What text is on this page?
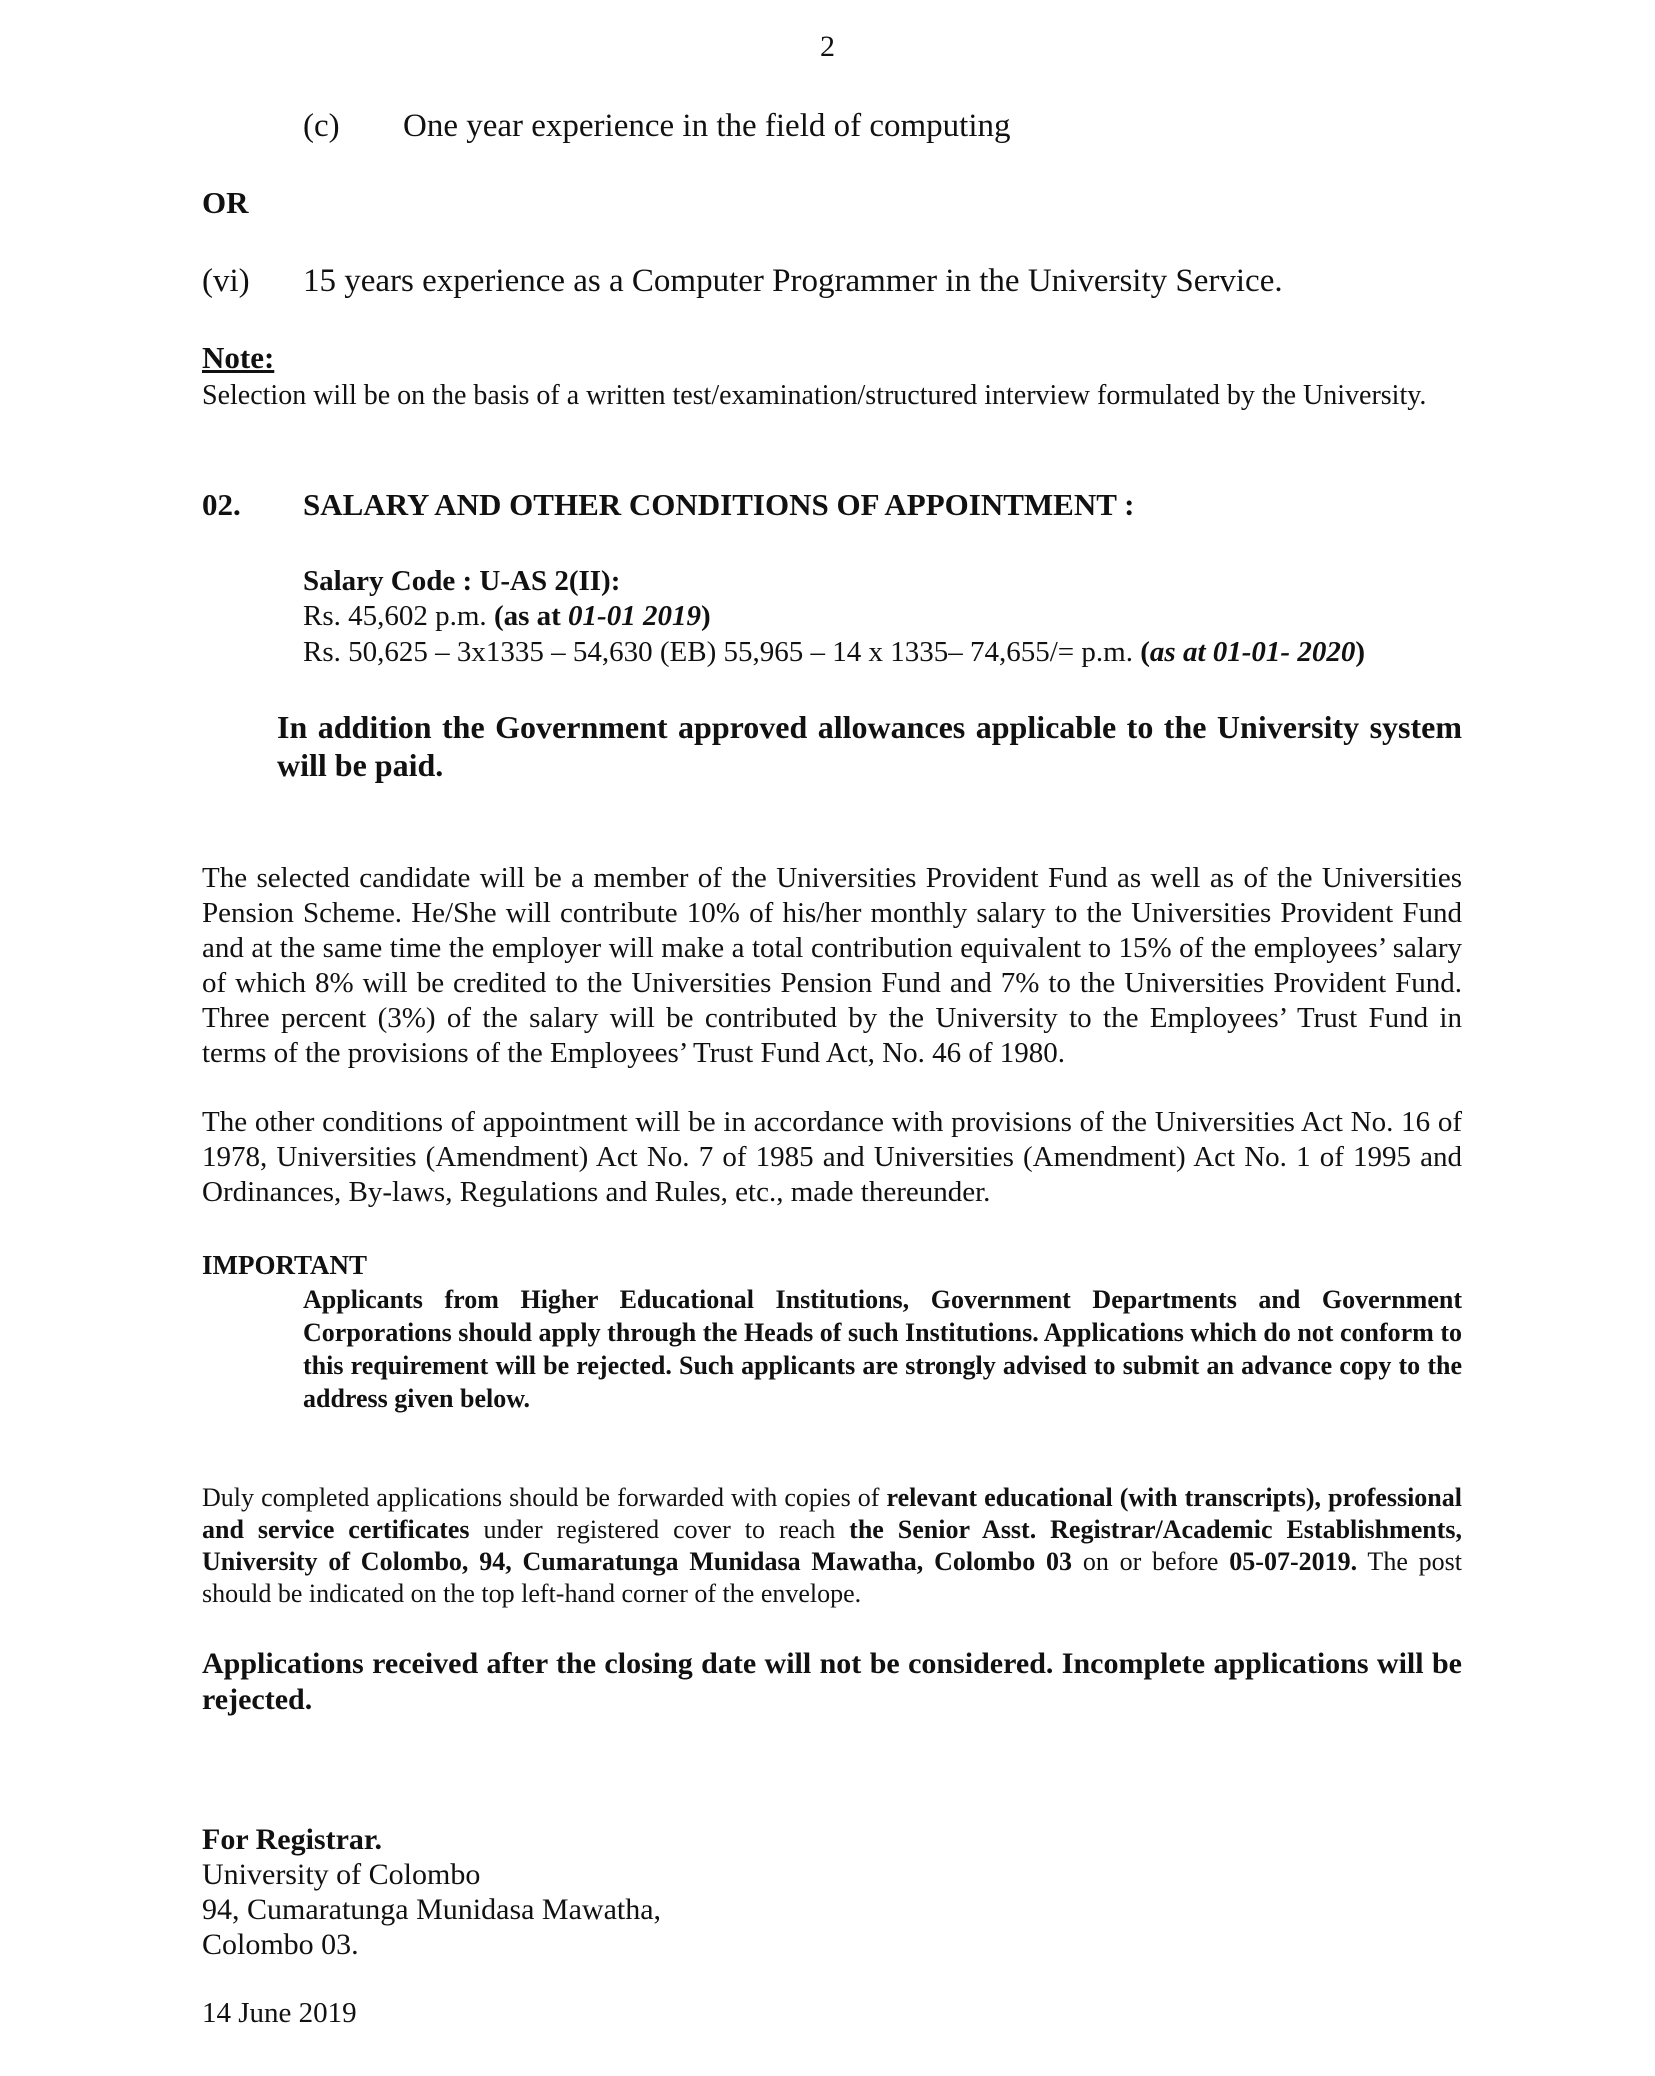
2
(c) One year experience in the field of computing
OR
(vi) 15 years experience as a Computer Programmer in the University Service.
Note:
Selection will be on the basis of a written test/examination/structured interview formulated by the University.
02. SALARY AND OTHER CONDITIONS OF APPOINTMENT :
Salary Code : U-AS 2(II):
Rs. 45,602 p.m. (as at 01-01 2019)
Rs. 50,625 – 3x1335 – 54,630 (EB) 55,965 – 14 x 1335– 74,655/= p.m. (as at 01-01- 2020)
In addition the Government approved allowances applicable to the University system will be paid.
The selected candidate will be a member of the Universities Provident Fund as well as of the Universities Pension Scheme. He/She will contribute 10% of his/her monthly salary to the Universities Provident Fund and at the same time the employer will make a total contribution equivalent to 15% of the employees’ salary of which 8% will be credited to the Universities Pension Fund and 7% to the Universities Provident Fund. Three percent (3%) of the salary will be contributed by the University to the Employees’ Trust Fund in terms of the provisions of the Employees’ Trust Fund Act, No. 46 of 1980.
The other conditions of appointment will be in accordance with provisions of the Universities Act No. 16 of 1978, Universities (Amendment) Act No. 7 of 1985 and Universities (Amendment) Act No. 1 of 1995 and Ordinances, By-laws, Regulations and Rules, etc., made thereunder.
IMPORTANT
Applicants from Higher Educational Institutions, Government Departments and Government Corporations should apply through the Heads of such Institutions. Applications which do not conform to this requirement will be rejected. Such applicants are strongly advised to submit an advance copy to the address given below.
Duly completed applications should be forwarded with copies of relevant educational (with transcripts), professional and service certificates under registered cover to reach the Senior Asst. Registrar/Academic Establishments, University of Colombo, 94, Cumaratunga Munidasa Mawatha, Colombo 03 on or before 05-07-2019. The post should be indicated on the top left-hand corner of the envelope.
Applications received after the closing date will not be considered. Incomplete applications will be rejected.
For Registrar.
University of Colombo
94, Cumaratunga Munidasa Mawatha,
Colombo 03.
14 June 2019
